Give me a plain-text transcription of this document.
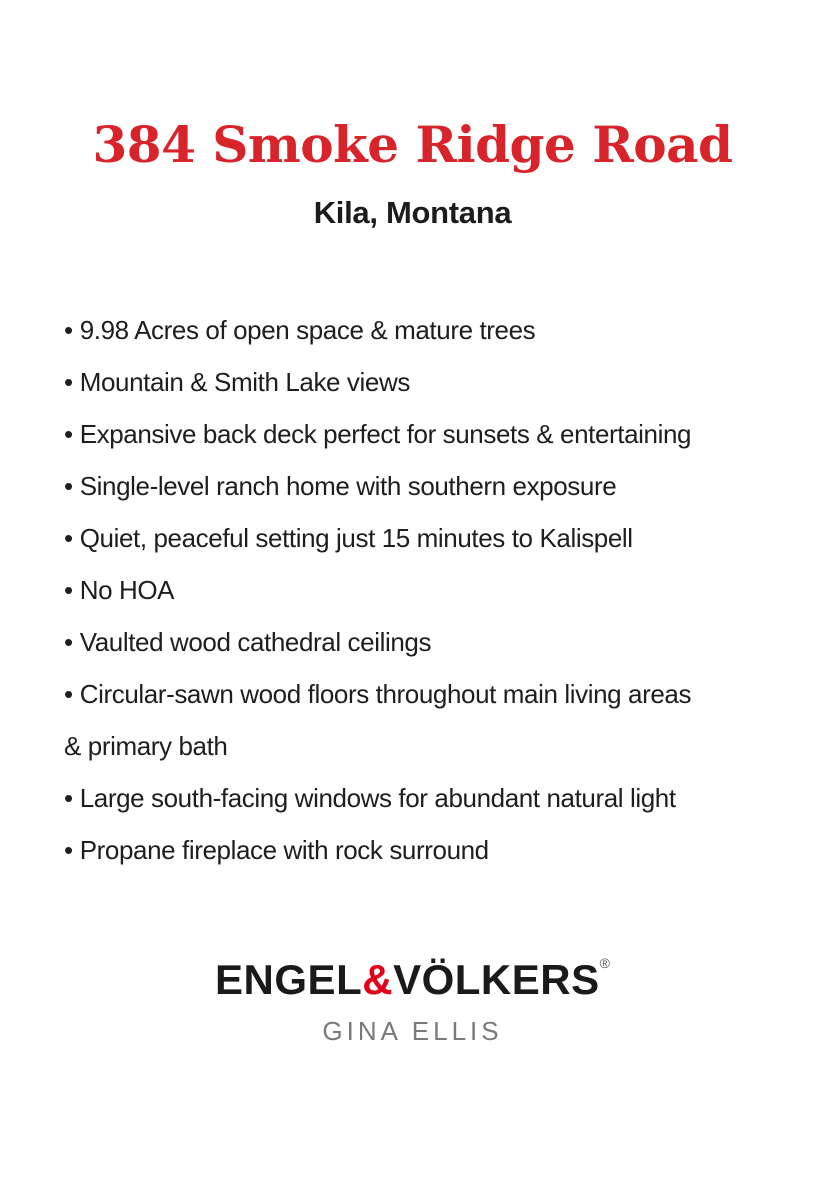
384 Smoke Ridge Road
Kila, Montana
• 9.98 Acres of open space & mature trees
• Mountain & Smith Lake views
• Expansive back deck perfect for sunsets & entertaining
• Single-level ranch home with southern exposure
• Quiet, peaceful setting just 15 minutes to Kalispell
• No HOA
• Vaulted wood cathedral ceilings
• Circular-sawn wood floors throughout main living areas
& primary bath
• Large south-facing windows for abundant natural light
• Propane fireplace with rock surround
ENGEL&VÖLKERS®
GINA ELLIS
